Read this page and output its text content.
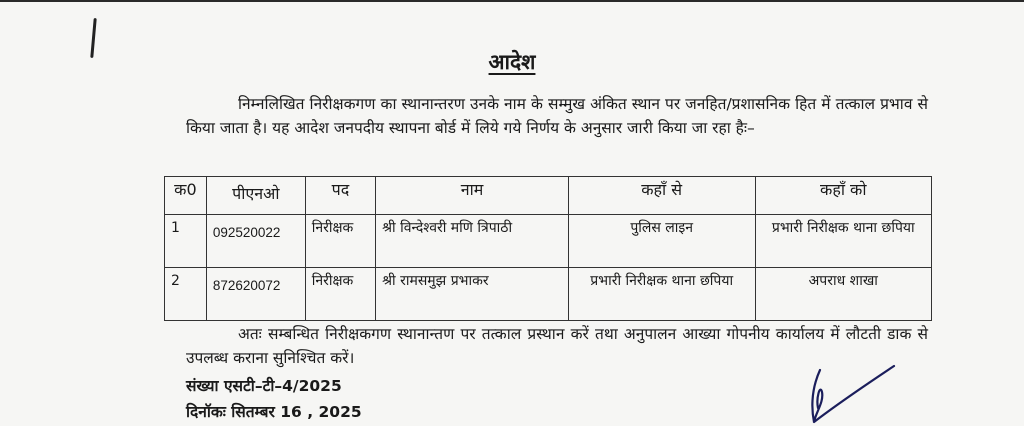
आदेश
निम्नलिखित निरीक्षकगण का स्थानान्तरण उनके नाम के सम्मुख अंकित स्थान पर जनहित/प्रशासनिक हित में तत्काल प्रभाव से किया जाता है। यह आदेश जनपदीय स्थापना बोर्ड में लिये गये निर्णय के अनुसार जारी किया जा रहा हैः–
क0	पीएनओ	पद	नाम	कहाँ से	कहाँ को
1	092520022	निरीक्षक	श्री विन्देश्वरी मणि त्रिपाठी	पुलिस लाइन	प्रभारी निरीक्षक थाना छपिया
2	872620072	निरीक्षक	श्री रामसमुझ प्रभाकर	प्रभारी निरीक्षक थाना छपिया	अपराध शाखा
अतः सम्बन्धित निरीक्षकगण स्थानान्तण पर तत्काल प्रस्थान करें तथा अनुपालन आख्या गोपनीय कार्यालय में लौटती डाक से उपलब्ध कराना सुनिश्चित करें।
संख्या एसटी–टी–4/2025
दिनॉकः सितम्बर 16 , 2025
